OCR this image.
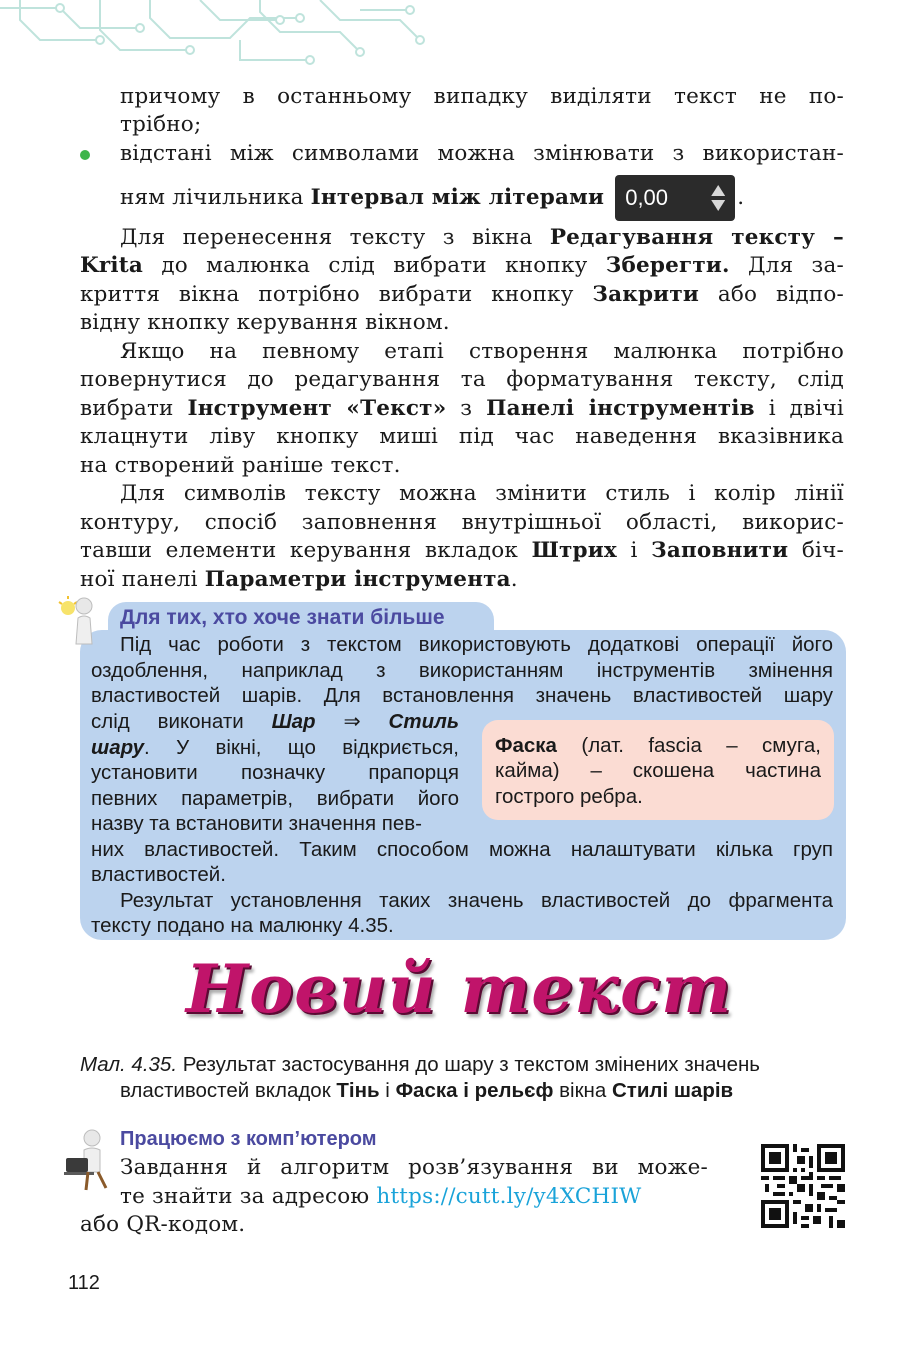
причому в останньому випадку виділяти текст не по-
трібно;
відстані між символами можна змінювати з використан-
ням лічильника Інтервал між літерами 0,00	.
Для перенесення тексту з вікна Редагування тексту –
Krita до малюнка слід вибрати кнопку Зберегти. Для за-
криття вікна потрібно вибрати кнопку Закрити або відпо-
відну кнопку керування вікном.
Якщо на певному етапі створення малюнка потрібно
повернутися до редагування та форматування тексту, слід
вибрати Інструмент «Текст» з Панелі інструментів і двічі
клацнути ліву кнопку миші під час наведення вказівника
на створений раніше текст.
Для символів тексту можна змінити стиль і колір лінії
контуру, спосіб заповнення внутрішньої області, викорис-
тавши елементи керування вкладок Штрих і Заповнити біч-
ної панелі Параметри інструмента.
Для тих, хто хоче знати більше
Під час роботи з текстом використовують додаткові операції його
оздоблення, наприклад з використанням інструментів змінення
властивостей шарів. Для встановлення значень властивостей шару
слід виконати Шар ⇒ Стиль
шару. У вікні, що відкриється,
установити позначку прапорця
певних параметрів, вибрати його
назву та встановити значення пев-
Фаска (лат. fascia – смуга,
кайма) – скошена частина
гострого ребра.
них властивостей. Таким способом можна налаштувати кілька груп
властивостей.
Результат установлення таких значень властивостей до фрагмента
тексту подано на малюнку 4.35.
Новий текст
Мал. 4.35. Результат застосування до шару з текстом змінених значень
властивостей вкладок Тінь і Фаска і рельєф вікна Стилі шарів
Працюємо з комп’ютером
Завдання й алгоритм розв’язування ви може-
те знайти за адресою https://cutt.ly/y4XCHIW
або QR-кодом.
112
